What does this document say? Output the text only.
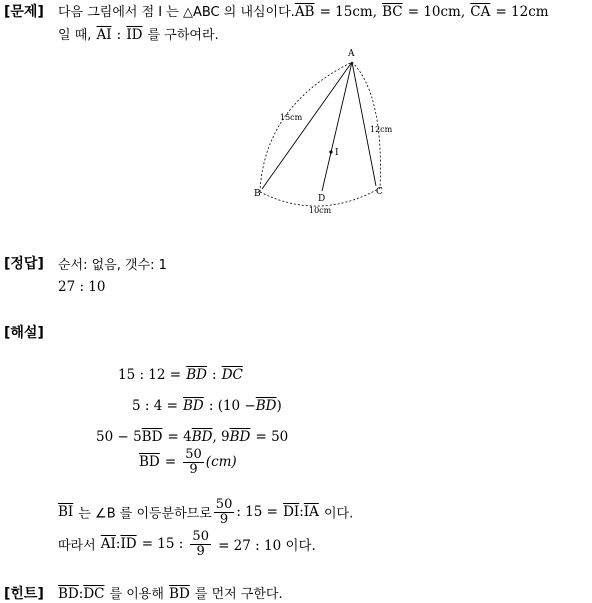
[문제] 다음 그림에서 점 I 는 △ABC 의 내심이다$.\overline{AB} = 15cm$, $\overline{BC} = 10cm$, $\overline{CA} = 12cm$
일 때, $\overline{AI}$ : $\overline{ID}$ 를 구하여라.
A
B	C
D
I
15cm
12cm
10cm
[정답] 순서: 없음, 갯수: 1
27 : 10
[해설]
15 : $12 = \overline{BD}$ : $\overline{DC}$
5 : $4 = \overline{BD}$ : $(10 -\overline{BD})$
$50 - 5\overline{BD} = 4\overline{BD}$, $9\overline{BD} = 50$
$\overline{BD} = \frac{50}{9} (cm)$
$\overline{BI}$ 는 ∠B 를 이등분하므로 $\frac{50}{9}$ : $15 = \overline{DI}:\overline{IA}$ 이다.
따라서 $\overline{AI}:\overline{ID} = 15$ : $\frac{50}{9} = 27$ : 10 이다.
[힌트] $\overline{BD}:\overline{DC}$ 를 이용해 $\overline{BD}$ 를 먼저 구한다.
